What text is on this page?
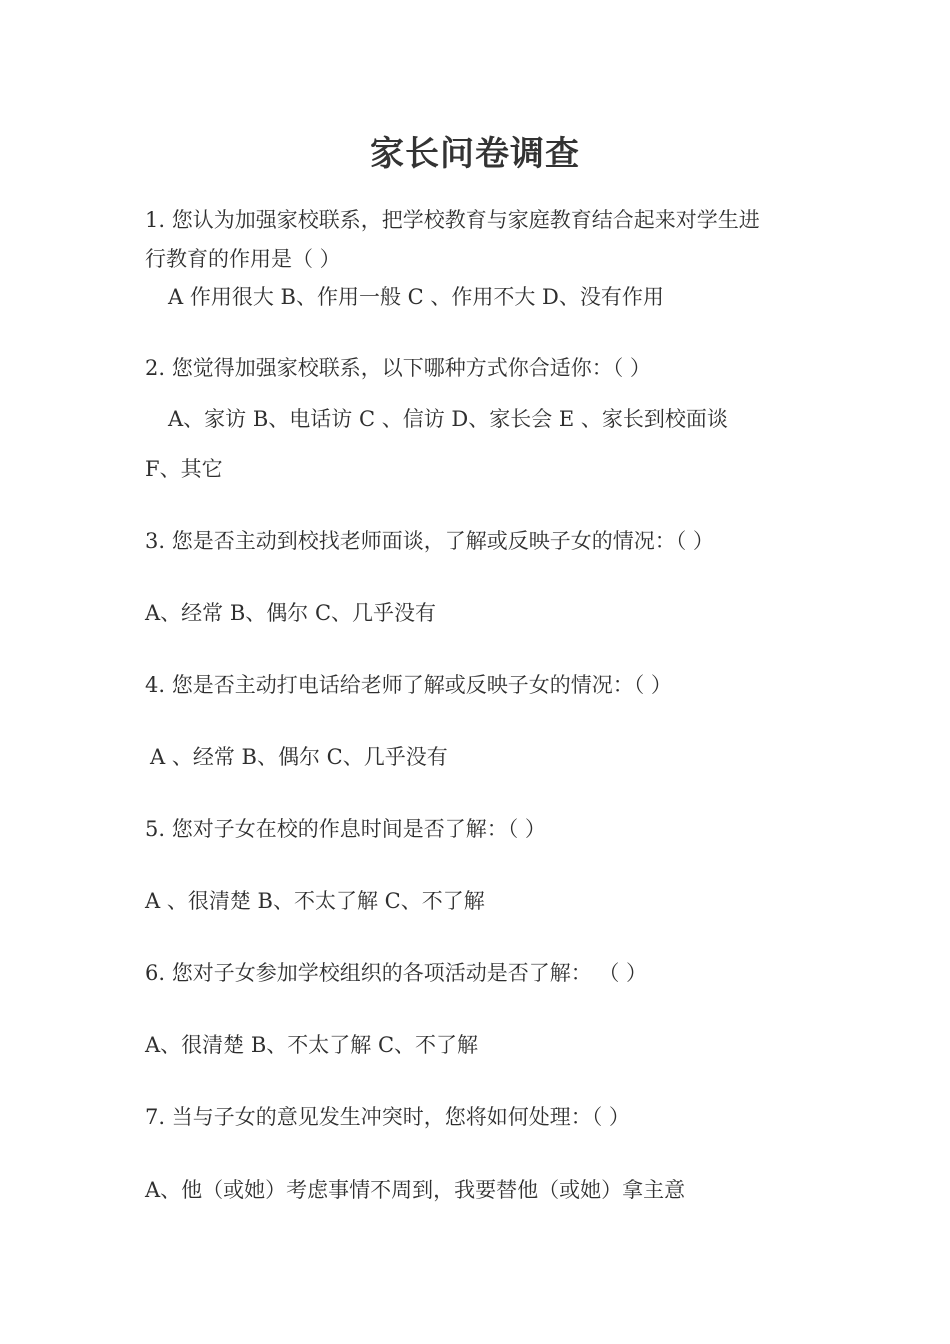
家长问卷调查
1. 您认为加强家校联系，把学校教育与家庭教育结合起来对学生进
行教育的作用是（ ）
A 作用很大 B、作用一般 C 、作用不大 D、没有作用
2. 您觉得加强家校联系，以下哪种方式你合适你：（ ）
A、家访 B、电话访 C 、信访 D、家长会 E 、家长到校面谈
F、其它
3. 您是否主动到校找老师面谈，了解或反映子女的情况：（ ）
A、经常 B、偶尔 C、几乎没有
4. 您是否主动打电话给老师了解或反映子女的情况：（ ）
A 、经常 B、偶尔 C、几乎没有
5. 您对子女在校的作息时间是否了解：（ ）
A 、很清楚 B、不太了解 C、不了解
6. 您对子女参加学校组织的各项活动是否了解： （ ）
A、很清楚 B、不太了解 C、不了解
7. 当与子女的意见发生冲突时，您将如何处理：（ ）
A、他（或她）考虑事情不周到，我要替他（或她）拿主意
